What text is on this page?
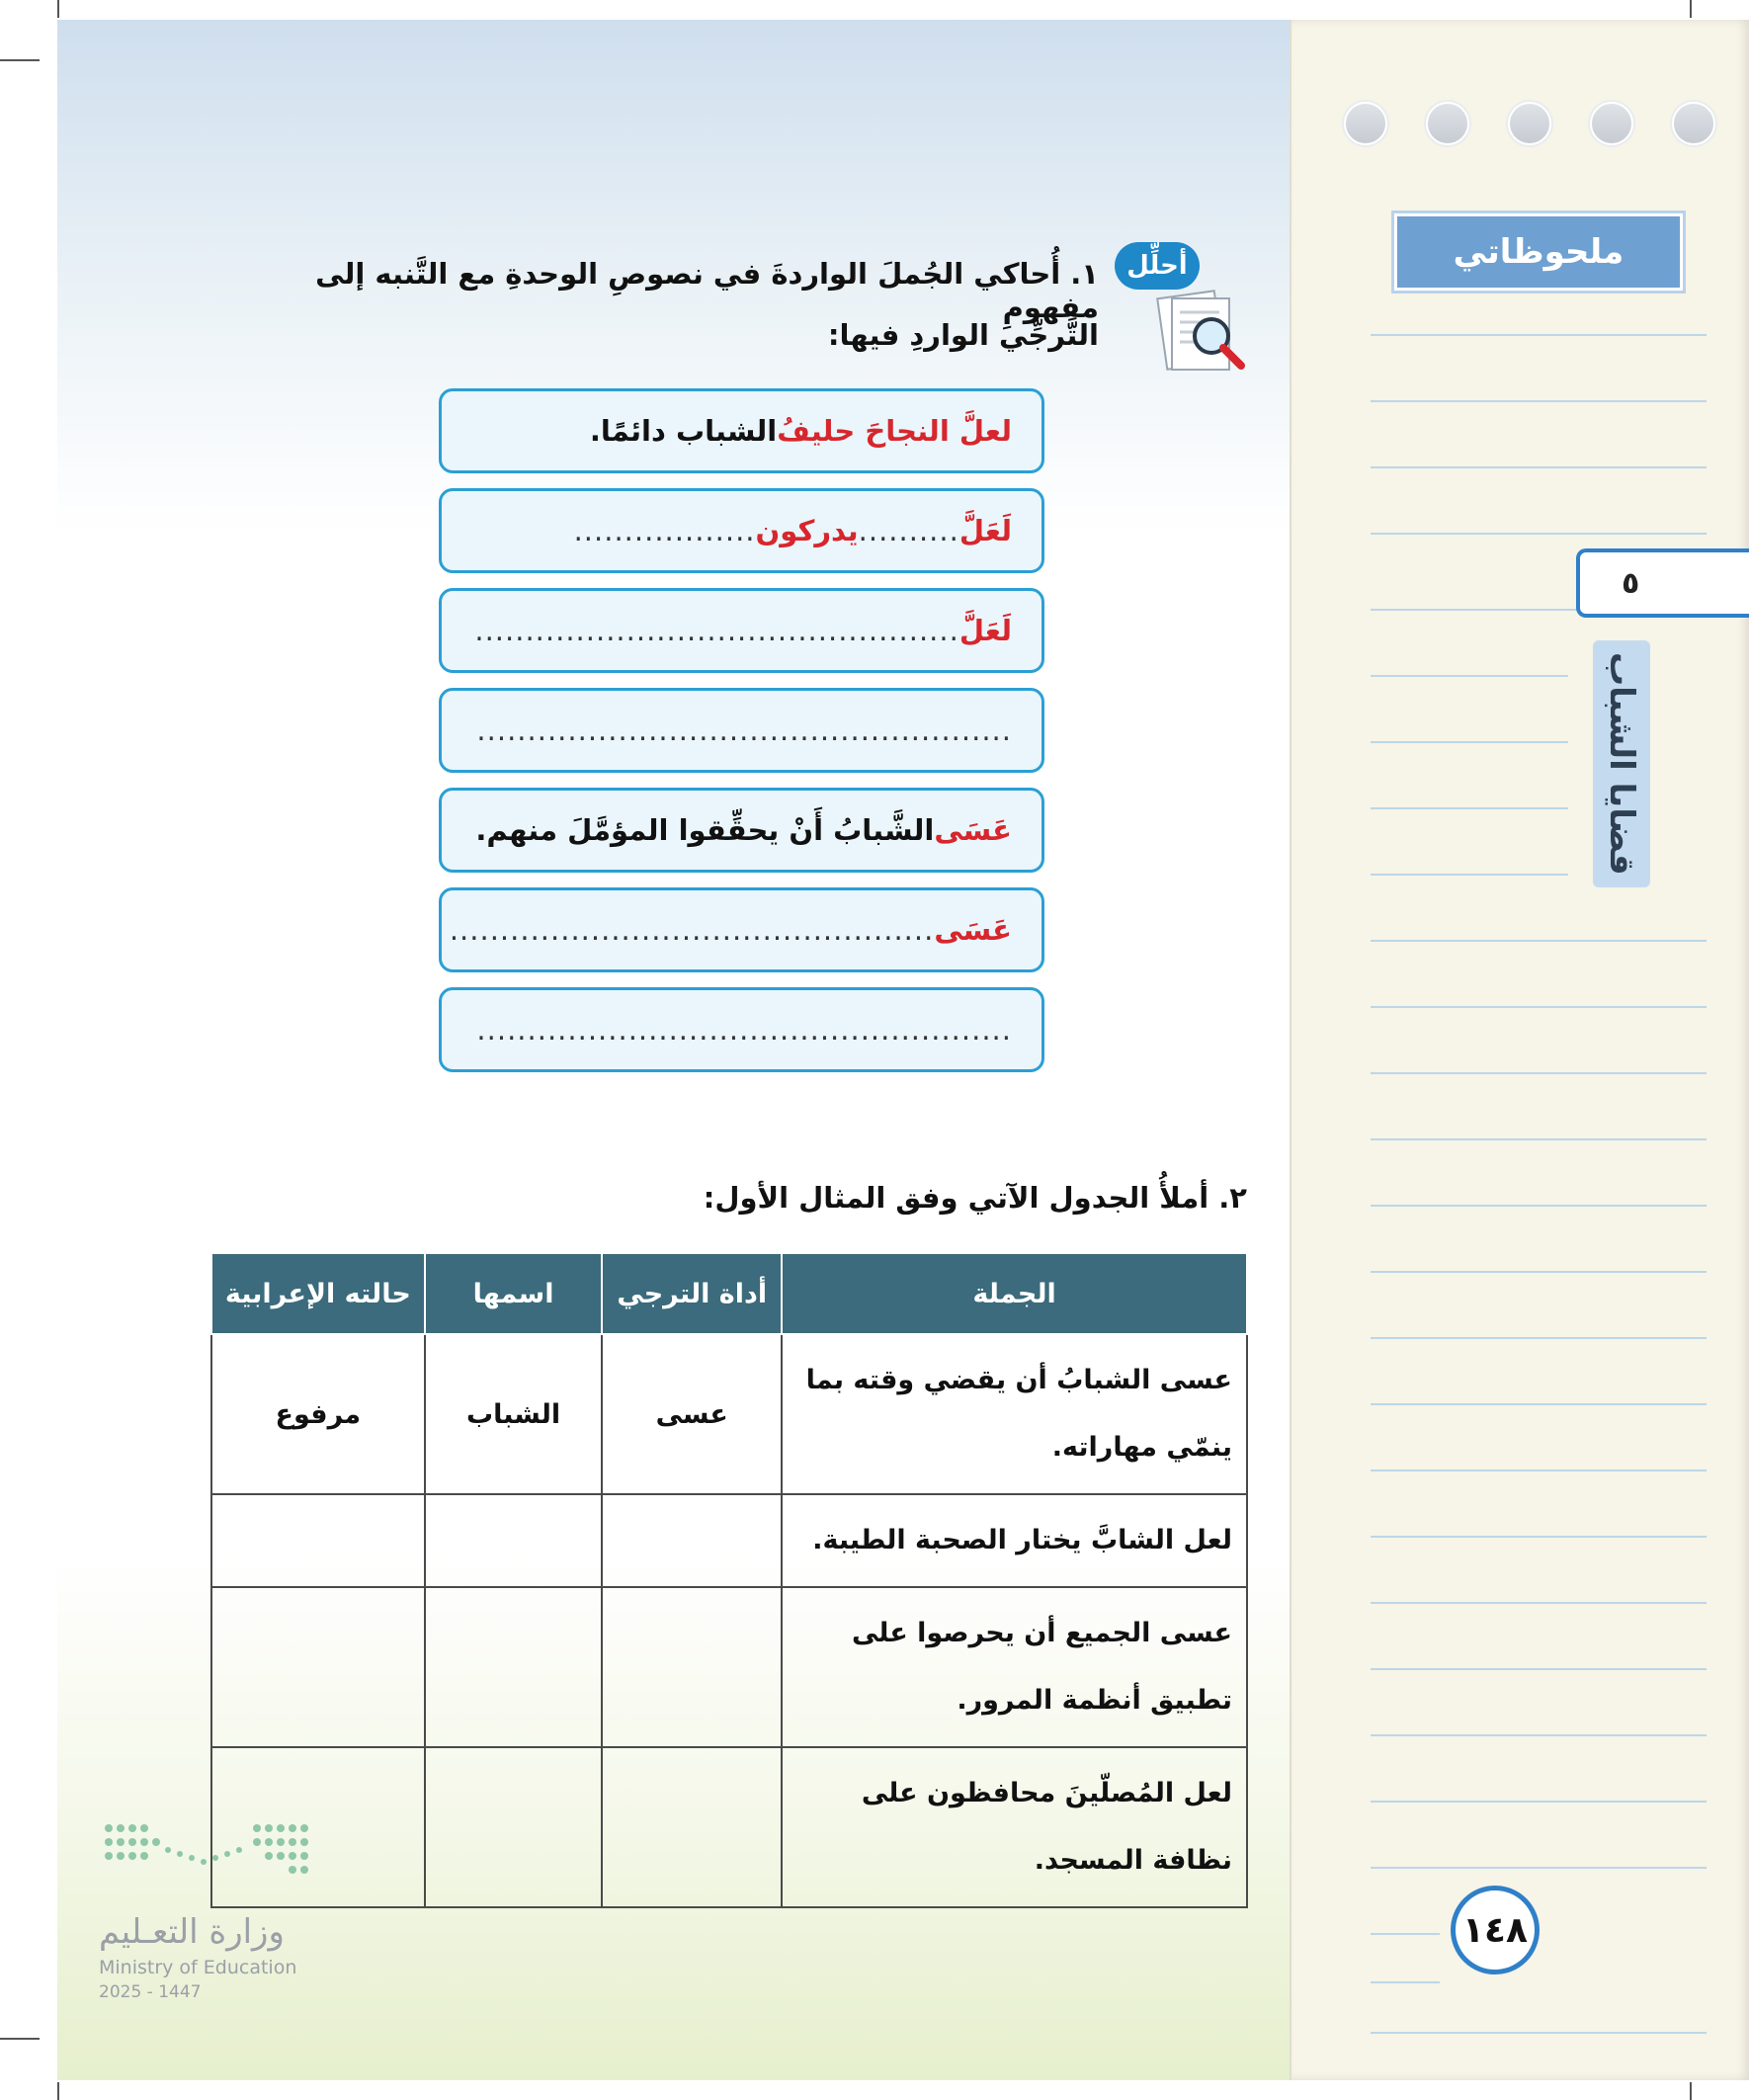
ملحوظاتي
٥
قضايا الشباب
١٤٨
أحلِّل
١. أُحاكي الجُملَ الواردةَ في نصوصِ الوحدةِ مع التَّنبه إلى مفهومِ
التَّرجِّي الواردِ فيها:
لعلَّ النجاحَ حليفُ
الشباب دائمًا.
لَعَلَّ
..........
يدركون
..................
لَعَلَّ
................................................
.....................................................
عَسَى
الشَّبابُ أَنْ يحقِّقوا المؤمَّلَ منهم.
عَسَى
................................................
.....................................................
٢. أملأُ الجدول الآتي وفق المثال الأول:
الجملة	أداة الترجي	اسمها	حالته الإعرابية
عسى الشبابُ أن يقضي وقته بما ينمّي مهاراته.	عسى	الشباب	مرفوع
لعل الشابَّ يختار الصحبة الطيبة.			
عسى الجميع أن يحرصوا على تطبيق أنظمة المرور.			
لعل المُصلّينَ محافظون على نظافة المسجد.			
وزارة التعـليم
Ministry of Education
2025 - 1447
